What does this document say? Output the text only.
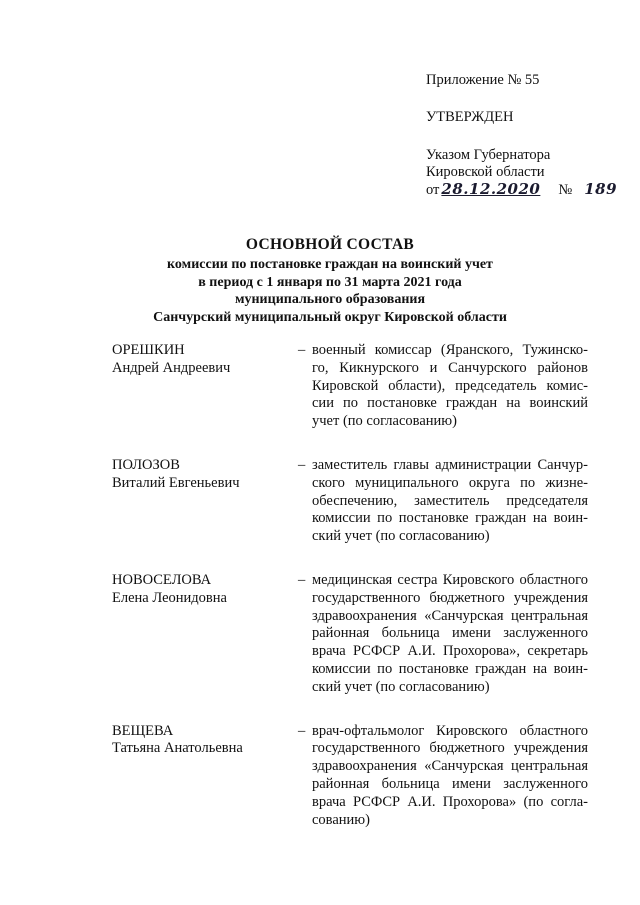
Приложение № 55
УТВЕРЖДЕН
Указом Губернатора
Кировской области
от 28.12.2020 № 189
ОСНОВНОЙ СОСТАВ
комиссии по постановке граждан на воинский учет
в период с 1 января по 31 марта 2021 года
муниципального образования
Санчурский муниципальный округ Кировской области
ОРЕШКИН
Андрей Андреевич
– военный комиссар (Яранского, Тужинско-
го, Кикнурского и Санчурского районов
Кировской области), председатель комис-
сии по постановке граждан на воинский
учет (по согласованию)
ПОЛОЗОВ
Виталий Евгеньевич
– заместитель главы администрации Санчур-
ского муниципального округа по жизне-
обеспечению, заместитель председателя
комиссии по постановке граждан на воин-
ский учет (по согласованию)
НОВОСЕЛОВА
Елена Леонидовна
– медицинская сестра Кировского областного
государственного бюджетного учреждения
здравоохранения «Санчурская центральная
районная больница имени заслуженного
врача РСФСР А.И. Прохорова», секретарь
комиссии по постановке граждан на воин-
ский учет (по согласованию)
ВЕЩЕВА
Татьяна Анатольевна
– врач-офтальмолог Кировского областного
государственного бюджетного учреждения
здравоохранения «Санчурская центральная
районная больница имени заслуженного
врача РСФСР А.И. Прохорова» (по согла-
сованию)
